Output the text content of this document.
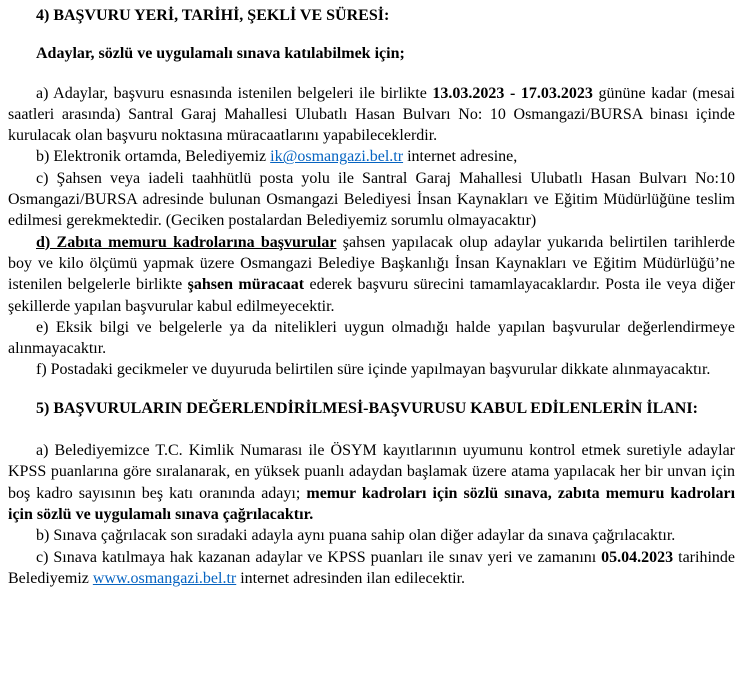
4) BAŞVURU YERİ, TARİHİ, ŞEKLİ VE SÜRESİ:

Adaylar, sözlü ve uygulamalı sınava katılabilmek için;

a) Adaylar, başvuru esnasında istenilen belgeleri ile birlikte 13.03.2023 - 17.03.2023 gününe kadar (mesai saatleri arasında) Santral Garaj Mahallesi Ulubatlı Hasan Bulvarı No: 10 Osmangazi/BURSA binası içinde kurulacak olan başvuru noktasına müracaatlarını yapabileceklerdir.

b) Elektronik ortamda, Belediyemiz ik@osmangazi.bel.tr internet adresine,

c) Şahsen veya iadeli taahhütlü posta yolu ile Santral Garaj Mahallesi Ulubatlı Hasan Bulvarı No:10 Osmangazi/BURSA adresinde bulunan Osmangazi Belediyesi İnsan Kaynakları ve Eğitim Müdürlüğüne teslim edilmesi gerekmektedir. (Geciken postalardan Belediyemiz sorumlu olmayacaktır)

d) Zabıta memuru kadrolarına başvurular şahsen yapılacak olup adaylar yukarıda belirtilen tarihlerde boy ve kilo ölçümü yapmak üzere Osmangazi Belediye Başkanlığı İnsan Kaynakları ve Eğitim Müdürlüğü’ne istenilen belgelerle birlikte şahsen müracaat ederek başvuru sürecini tamamlayacaklardır. Posta ile veya diğer şekillerde yapılan başvurular kabul edilmeyecektir.

e) Eksik bilgi ve belgelerle ya da nitelikleri uygun olmadığı halde yapılan başvurular değerlendirmeye alınmayacaktır.

f) Postadaki gecikmeler ve duyuruda belirtilen süre içinde yapılmayan başvurular dikkate alınmayacaktır.

5) BAŞVURULARIN DEĞERLENDİRİLMESİ-BAŞVURUSU KABUL EDİLENLERİN İLANI:

a) Belediyemizce T.C. Kimlik Numarası ile ÖSYM kayıtlarının uyumunu kontrol etmek suretiyle adaylar KPSS puanlarına göre sıralanarak, en yüksek puanlı adaydan başlamak üzere atama yapılacak her bir unvan için boş kadro sayısının beş katı oranında adayı; memur kadroları için sözlü sınava, zabıta memuru kadroları için sözlü ve uygulamalı sınava çağrılacaktır.

b) Sınava çağrılacak son sıradaki adayla aynı puana sahip olan diğer adaylar da sınava çağrılacaktır.

c) Sınava katılmaya hak kazanan adaylar ve KPSS puanları ile sınav yeri ve zamanını 05.04.2023 tarihinde Belediyemiz www.osmangazi.bel.tr internet adresinden ilan edilecektir.
